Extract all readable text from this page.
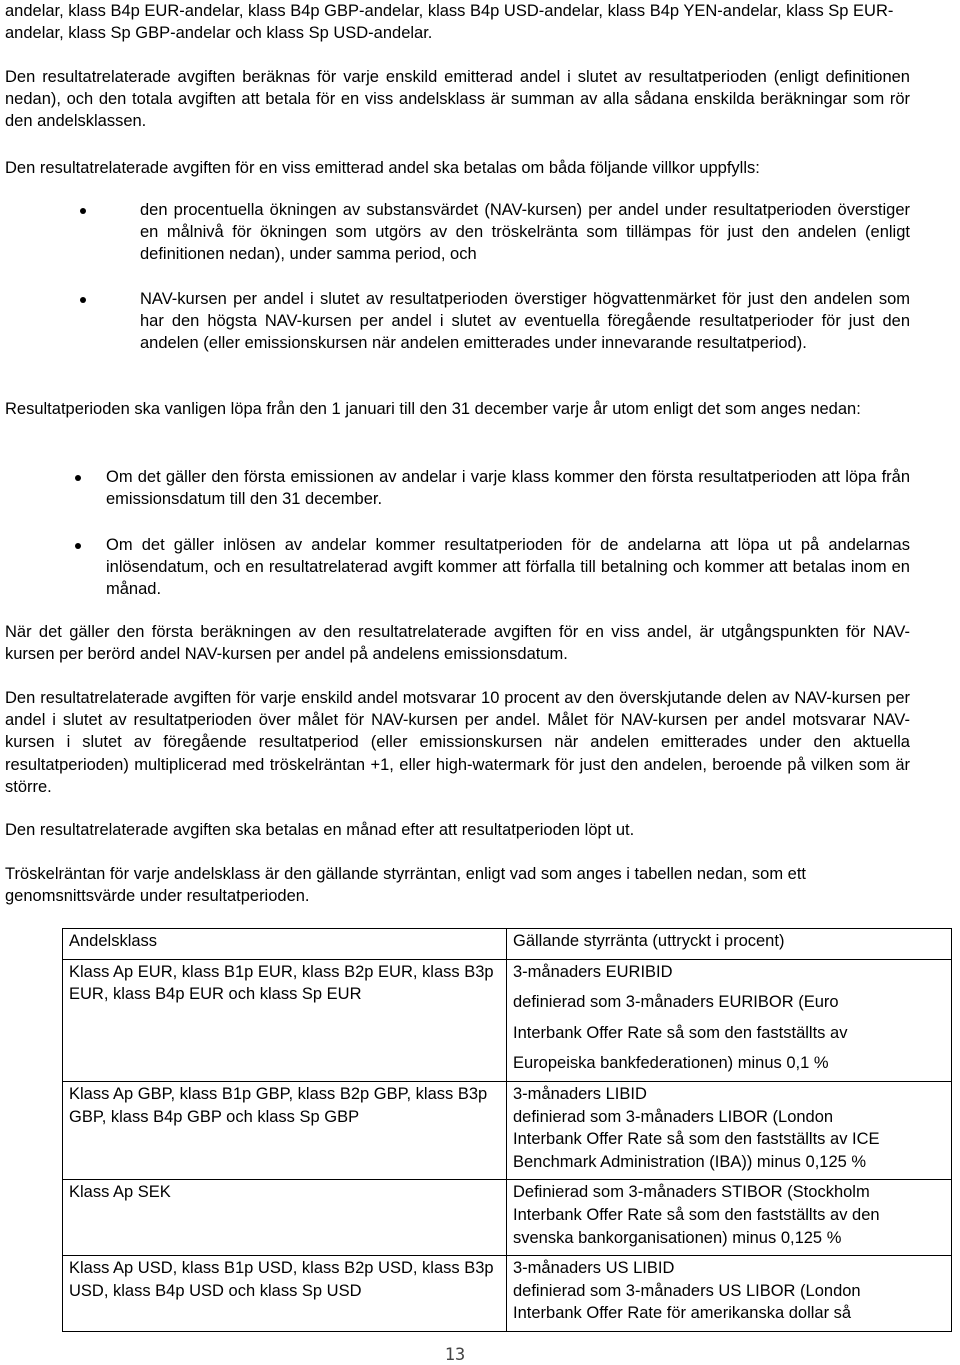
andelar, klass B4p EUR-andelar, klass B4p GBP-andelar, klass B4p USD-andelar, klass B4p YEN-andelar, klass Sp EUR-andelar, klass Sp GBP-andelar och klass Sp USD-andelar.
Den resultatrelaterade avgiften beräknas för varje enskild emitterad andel i slutet av resultatperioden (enligt definitionen nedan), och den totala avgiften att betala för en viss andelsklass är summan av alla sådana enskilda beräkningar som rör den andelsklassen.
Den resultatrelaterade avgiften för en viss emitterad andel ska betalas om båda följande villkor uppfylls:
den procentuella ökningen av substansvärdet (NAV-kursen) per andel under resultatperioden överstiger en målnivå för ökningen som utgörs av den tröskelränta som tillämpas för just den andelen (enligt definitionen nedan), under samma period, och
NAV-kursen per andel i slutet av resultatperioden överstiger högvattenmärket för just den andelen som har den högsta NAV-kursen per andel i slutet av eventuella föregående resultatperioder för just den andelen (eller emissionskursen när andelen emitterades under innevarande resultatperiod).
Resultatperioden ska vanligen löpa från den 1 januari till den 31 december varje år utom enligt det som anges nedan:
Om det gäller den första emissionen av andelar i varje klass kommer den första resultatperioden att löpa från emissionsdatum till den 31 december.
Om det gäller inlösen av andelar kommer resultatperioden för de andelarna att löpa ut på andelarnas inlösendatum, och en resultatrelaterad avgift kommer att förfalla till betalning och kommer att betalas inom en månad.
När det gäller den första beräkningen av den resultatrelaterade avgiften för en viss andel, är utgångspunkten för NAV-kursen per berörd andel NAV-kursen per andel på andelens emissionsdatum.
Den resultatrelaterade avgiften för varje enskild andel motsvarar 10 procent av den överskjutande delen av NAV-kursen per andel i slutet av resultatperioden över målet för NAV-kursen per andel. Målet för NAV-kursen per andel motsvarar NAV-kursen i slutet av föregående resultatperiod (eller emissionskursen när andelen emitterades under den aktuella resultatperioden) multiplicerad med tröskelräntan +1, eller high-watermark för just den andelen, beroende på vilken som är större.
Den resultatrelaterade avgiften ska betalas en månad efter att resultatperioden löpt ut.
Tröskelräntan för varje andelsklass är den gällande styrräntan, enligt vad som anges i tabellen nedan, som ett genomsnittsvärde under resultatperioden.
Andelsklass	Gällande styrränta (uttryckt i procent)
Klass Ap EUR, klass B1p EUR, klass B2p EUR, klass B3p EUR, klass B4p EUR och klass Sp EUR	3-månaders EURIBID
definierad som 3-månaders EURIBOR (Euro
Interbank Offer Rate så som den fastställts av
Europeiska bankfederationen) minus 0,1 %

Klass Ap GBP, klass B1p GBP, klass B2p GBP, klass B3p GBP, klass B4p GBP och klass Sp GBP	3-månaders LIBID
definierad som 3-månaders LIBOR (London
Interbank Offer Rate så som den fastställts av ICE
Benchmark Administration (IBA)) minus 0,125 %

Klass Ap SEK	Definierad som 3-månaders STIBOR (Stockholm
Interbank Offer Rate så som den fastställts av den
svenska bankorganisationen) minus 0,125 %

Klass Ap USD, klass B1p USD, klass B2p USD, klass B3p USD, klass B4p USD och klass Sp USD	3-månaders US LIBID
definierad som 3-månaders US LIBOR (London
Interbank Offer Rate för amerikanska dollar så
13
